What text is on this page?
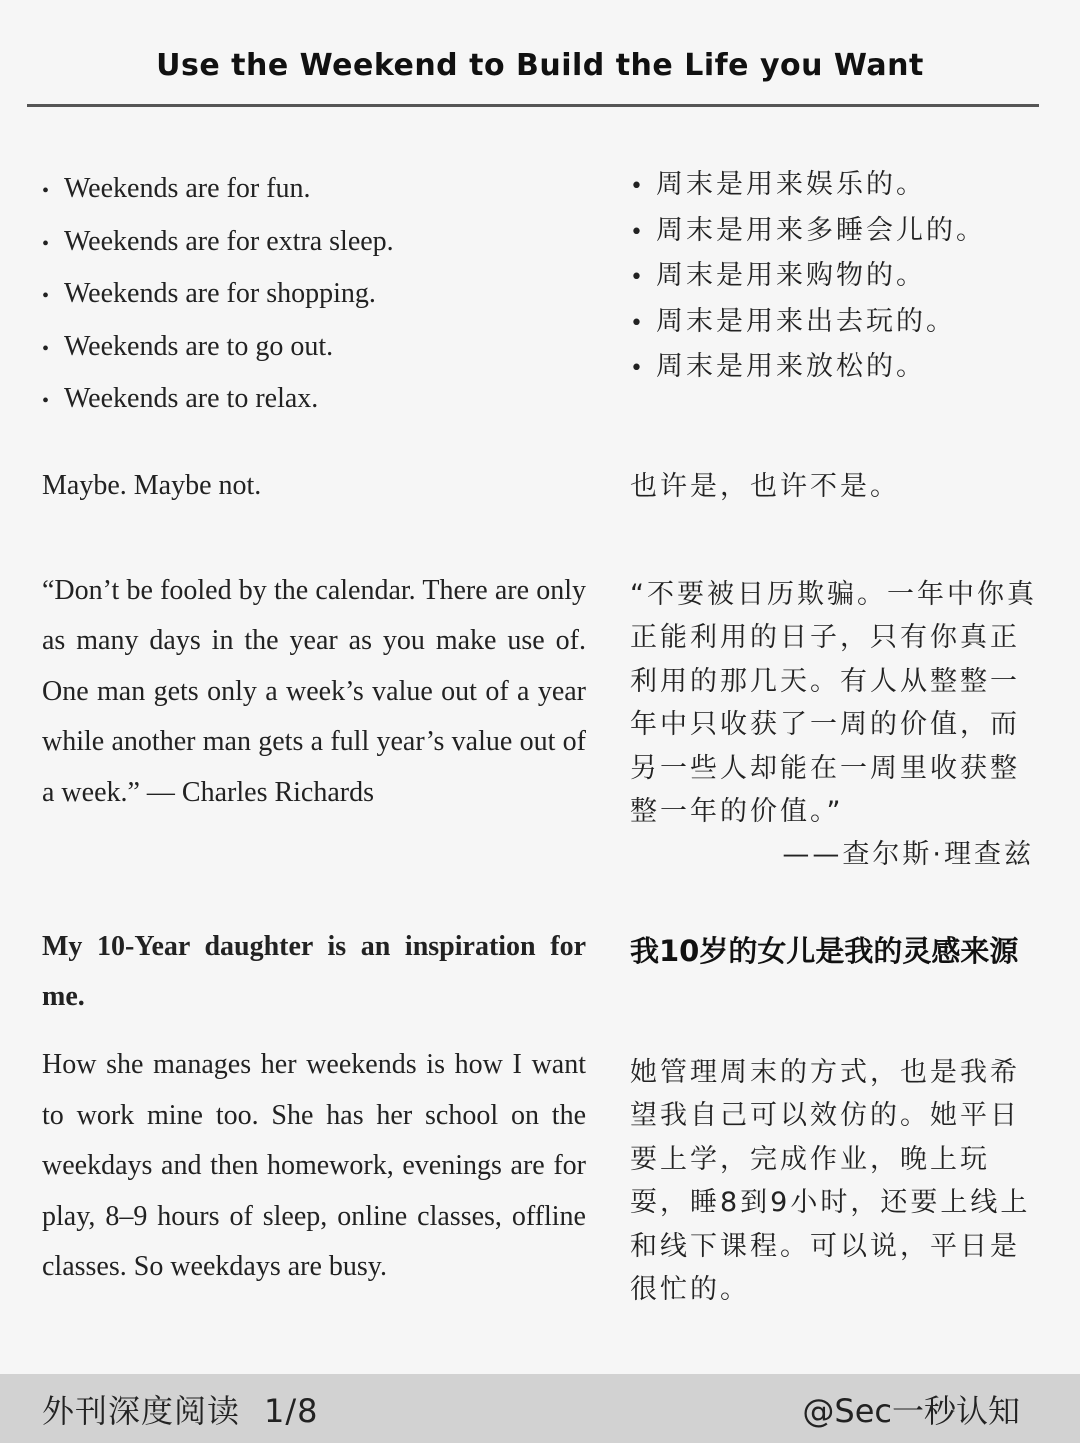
Use the Weekend to Build the Life you Want
• Weekends are for fun.
• Weekends are for extra sleep.
• Weekends are for shopping.
• Weekends are to go out.
• Weekends are to relax.
• 周末是用来娱乐的。
• 周末是用来多睡会儿的。
• 周末是用来购物的。
• 周末是用来出去玩的。
• 周末是用来放松的。
Maybe. Maybe not.	也许是，也许不是。
“Don’t be fooled by the calendar. There are only as many days in the year as you make use of. One man gets only a week’s value out of a year while another man gets a full year’s value out of a week.” — Charles Richards
“不要被日历欺骗。一年中你真正能利用的日子，只有你真正利用的那几天。有人从整整一年中只收获了一周的价值，而另一些人却能在一周里收获整整一年的价值。”
——查尔斯·理查兹
My 10-Year daughter is an inspiration for me.
我10岁的女儿是我的灵感来源
How she manages her weekends is how I want to work mine too. She has her school on the weekdays and then homework, evenings are for play, 8–9 hours of sleep, online classes, offline classes. So weekdays are busy.
她管理周末的方式，也是我希望我自己可以效仿的。她平日要上学，完成作业，晚上玩耍，睡8到9小时，还要上线上和线下课程。可以说，平日是很忙的。
外刊深度阅读 1/8	@Sec一秒认知
